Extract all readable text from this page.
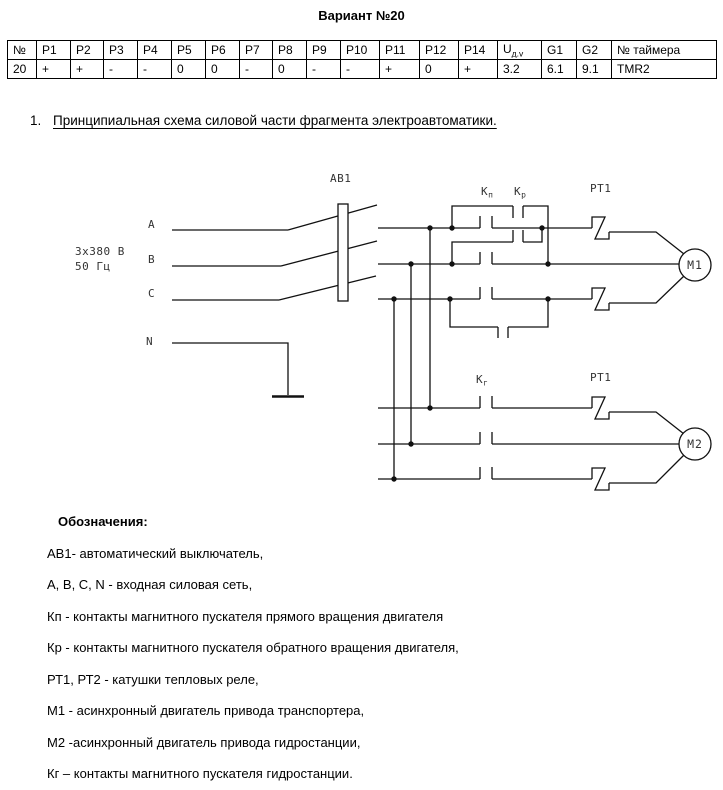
Вариант №20
№	P1	P2	P3	P4	P5	P6	P7	P8	P9	P10	P11	P12	P14	$U_{д.v}$	G1	G2	№ таймера
20	+	+	-	-	0	0	-	0	-	-	+	0	+	3.2	6.1	9.1	TMR2
1. Принципиальная схема силовой части фрагмента электроавтоматики.
3x380 В
50 Гц
А
В
С
N
АВ1
$К_п$ $К_р$	РТ1
$К_г$	РТ1
М1
М2

Обозначения:

АВ1- автоматический выключатель,

А, В, С, N - входная силовая сеть,

Кп - контакты магнитного пускателя прямого вращения двигателя

Кр - контакты магнитного пускателя обратного вращения двигателя,

РТ1, РТ2 - катушки тепловых реле,

М1 - асинхронный двигатель привода транспортера,

М2 -асинхронный двигатель привода гидростанции,

Кг – контакты магнитного пускателя гидростанции.
